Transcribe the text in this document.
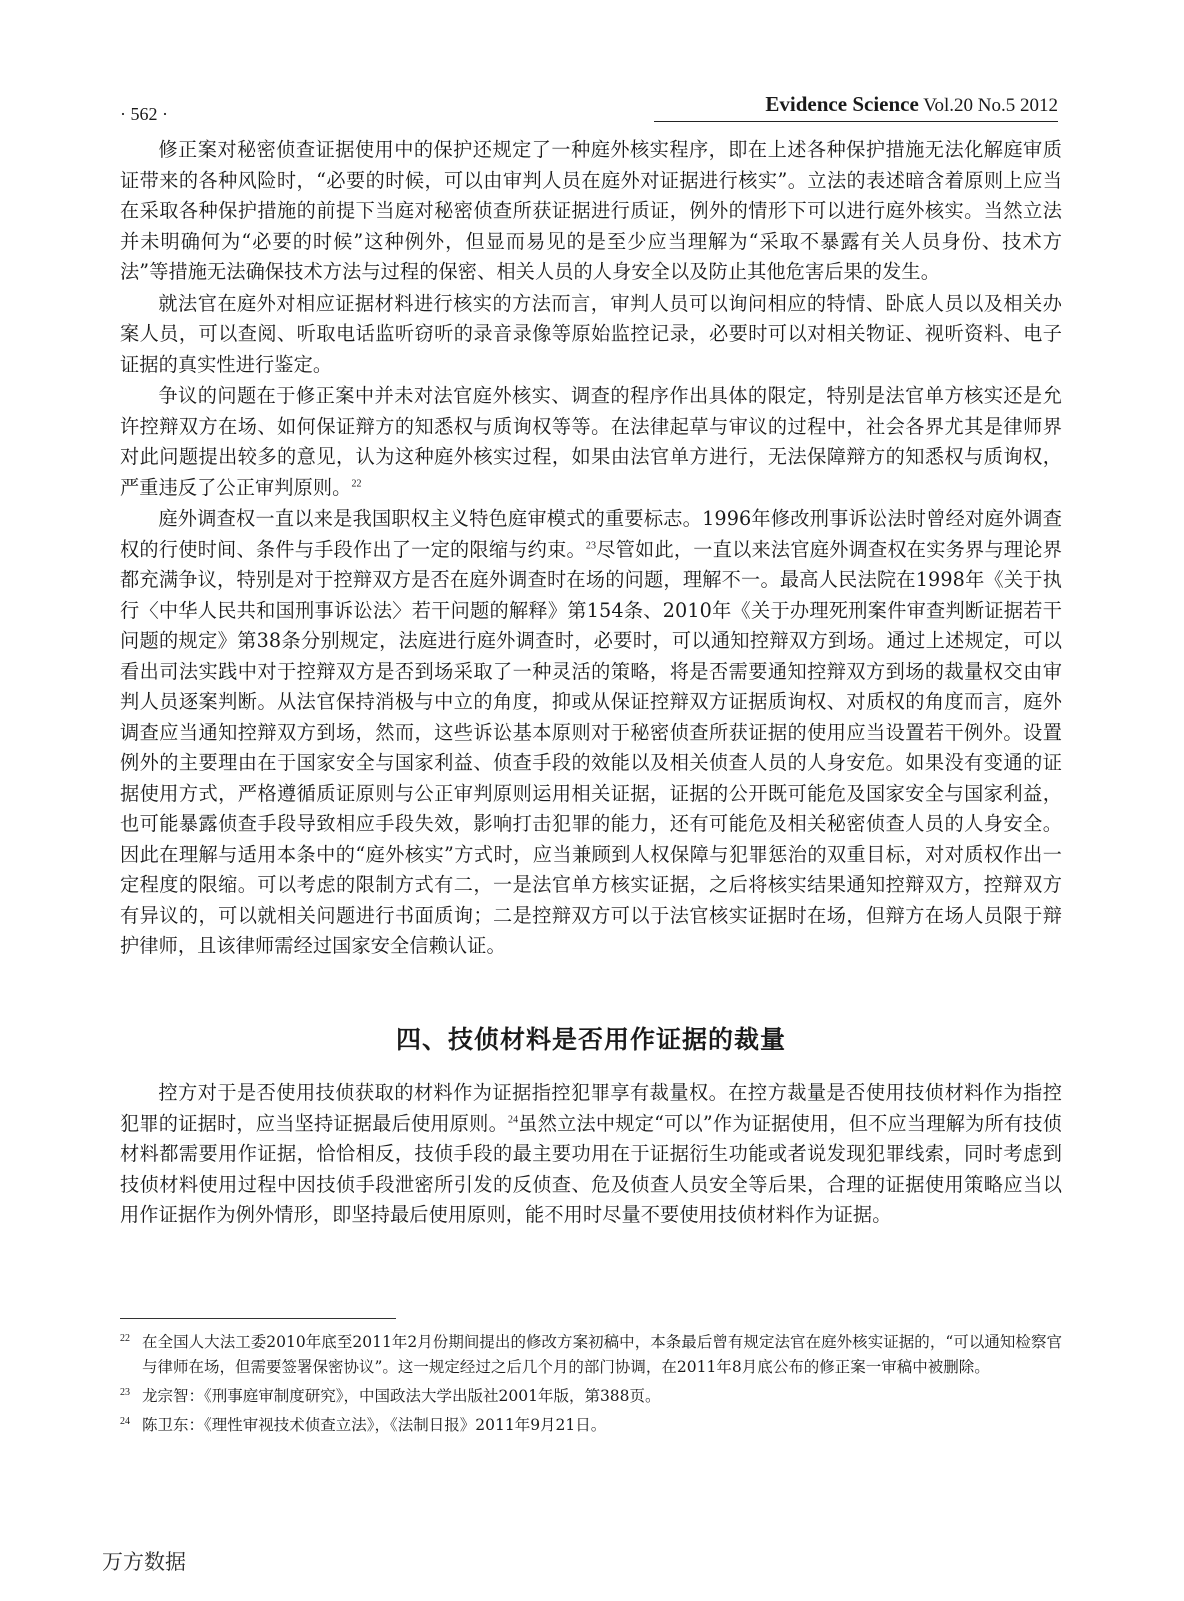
· 562 ·	Evidence Science Vol.20 No.5 2012

修正案对秘密侦查证据使用中的保护还规定了一种庭外核实程序，即在上述各种保护措施无法化解庭审质证带来的各种风险时，“必要的时候，可以由审判人员在庭外对证据进行核实”。立法的表述暗含着原则上应当在采取各种保护措施的前提下当庭对秘密侦查所获证据进行质证，例外的情形下可以进行庭外核实。当然立法并未明确何为“必要的时候”这种例外，但显而易见的是至少应当理解为“采取不暴露有关人员身份、技术方法”等措施无法确保技术方法与过程的保密、相关人员的人身安全以及防止其他危害后果的发生。

就法官在庭外对相应证据材料进行核实的方法而言，审判人员可以询问相应的特情、卧底人员以及相关办案人员，可以查阅、听取电话监听窃听的录音录像等原始监控记录，必要时可以对相关物证、视听资料、电子证据的真实性进行鉴定。

争议的问题在于修正案中并未对法官庭外核实、调查的程序作出具体的限定，特别是法官单方核实还是允许控辩双方在场、如何保证辩方的知悉权与质询权等等。在法律起草与审议的过程中，社会各界尤其是律师界对此问题提出较多的意见，认为这种庭外核实过程，如果由法官单方进行，无法保障辩方的知悉权与质询权，严重违反了公正审判原则。$^{22}$

庭外调查权一直以来是我国职权主义特色庭审模式的重要标志。1996年修改刑事诉讼法时曾经对庭外调查权的行使时间、条件与手段作出了一定的限缩与约束。$^{23}$尽管如此，一直以来法官庭外调查权在实务界与理论界都充满争议，特别是对于控辩双方是否在庭外调查时在场的问题，理解不一。最高人民法院在1998年《关于执行〈中华人民共和国刑事诉讼法〉若干问题的解释》第154条、2010年《关于办理死刑案件审查判断证据若干问题的规定》第38条分别规定，法庭进行庭外调查时，必要时，可以通知控辩双方到场。通过上述规定，可以看出司法实践中对于控辩双方是否到场采取了一种灵活的策略，将是否需要通知控辩双方到场的裁量权交由审判人员逐案判断。从法官保持消极与中立的角度，抑或从保证控辩双方证据质询权、对质权的角度而言，庭外调查应当通知控辩双方到场，然而，这些诉讼基本原则对于秘密侦查所获证据的使用应当设置若干例外。设置例外的主要理由在于国家安全与国家利益、侦查手段的效能以及相关侦查人员的人身安危。如果没有变通的证据使用方式，严格遵循质证原则与公正审判原则运用相关证据，证据的公开既可能危及国家安全与国家利益，也可能暴露侦查手段导致相应手段失效，影响打击犯罪的能力，还有可能危及相关秘密侦查人员的人身安全。因此在理解与适用本条中的“庭外核实”方式时，应当兼顾到人权保障与犯罪惩治的双重目标，对对质权作出一定程度的限缩。可以考虑的限制方式有二，一是法官单方核实证据，之后将核实结果通知控辩双方，控辩双方有异议的，可以就相关问题进行书面质询；二是控辩双方可以于法官核实证据时在场，但辩方在场人员限于辩护律师，且该律师需经过国家安全信赖认证。

四、技侦材料是否用作证据的裁量

控方对于是否使用技侦获取的材料作为证据指控犯罪享有裁量权。在控方裁量是否使用技侦材料作为指控犯罪的证据时，应当坚持证据最后使用原则。$^{24}$虽然立法中规定“可以”作为证据使用，但不应当理解为所有技侦材料都需要用作证据，恰恰相反，技侦手段的最主要功用在于证据衍生功能或者说发现犯罪线索，同时考虑到技侦材料使用过程中因技侦手段泄密所引发的反侦查、危及侦查人员安全等后果，合理的证据使用策略应当以用作证据作为例外情形，即坚持最后使用原则，能不用时尽量不要使用技侦材料作为证据。

22 在全国人大法工委2010年底至2011年2月份期间提出的修改方案初稿中，本条最后曾有规定法官在庭外核实证据的，“可以通知检察官与律师在场，但需要签署保密协议”。这一规定经过之后几个月的部门协调，在2011年8月底公布的修正案一审稿中被删除。

23 龙宗智：《刑事庭审制度研究》，中国政法大学出版社2001年版，第388页。

24 陈卫东：《理性审视技术侦查立法》，《法制日报》2011年9月21日。

万方数据
